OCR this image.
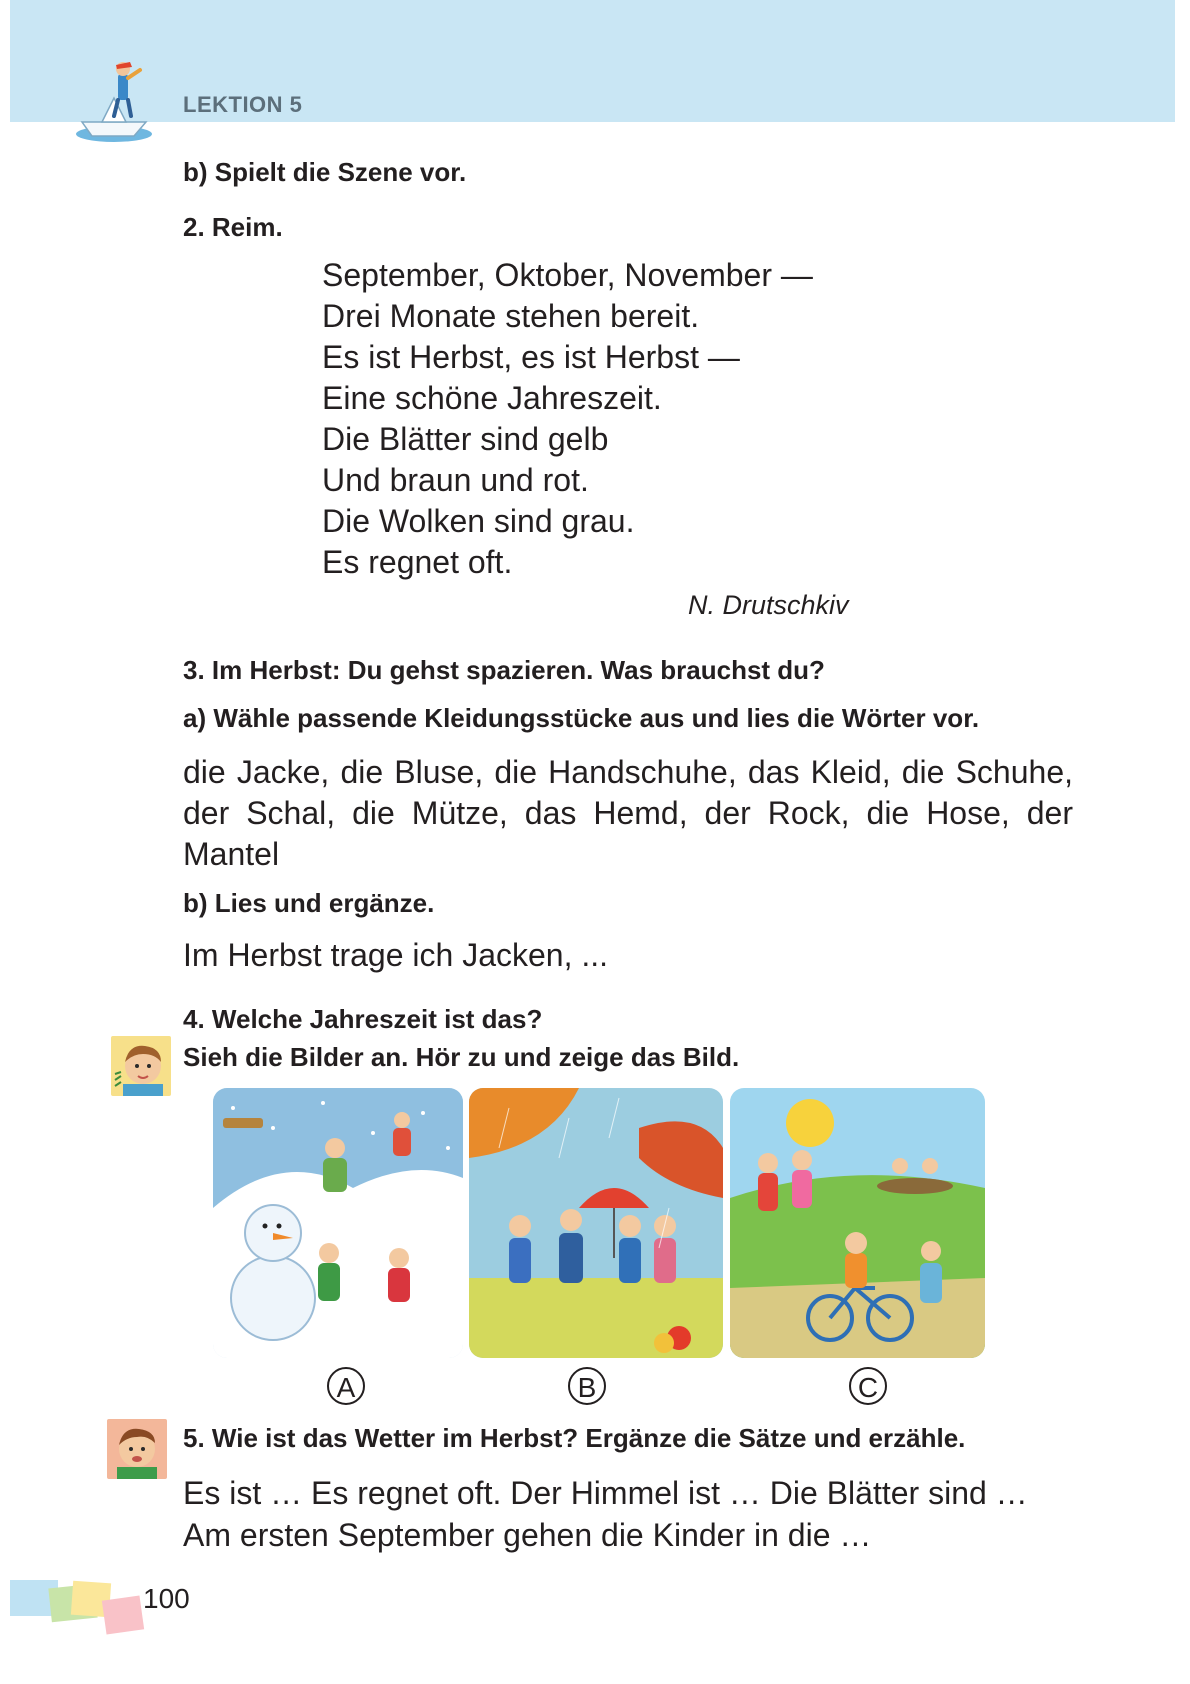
LEKTION 5
b) Spielt die Szene vor.
2. Reim.
September, Oktober, November —
Drei Monate stehen bereit.
Es ist Herbst, es ist Herbst —
Eine schöne Jahreszeit.
Die Blätter sind gelb
Und braun und rot.
Die Wolken sind grau.
Es regnet oft.
N. Drutschkiv
3. Im Herbst: Du gehst spazieren. Was brauchst du?
a) Wähle passende Kleidungsstücke aus und lies die Wörter vor.
die Jacke, die Bluse, die Handschuhe, das Kleid, die Schuhe, der Schal, die Mütze, das Hemd, der Rock, die Hose, der Mantel
b) Lies und ergänze.
Im Herbst trage ich Jacken, ...
4. Welche Jahreszeit ist das?
Sieh die Bilder an. Hör zu und zeige das Bild.
A	B	C
5. Wie ist das Wetter im Herbst? Ergänze die Sätze und erzähle.
Es ist … Es regnet oft. Der Himmel ist … Die Blätter sind …
Am ersten September gehen die Kinder in die …
100
